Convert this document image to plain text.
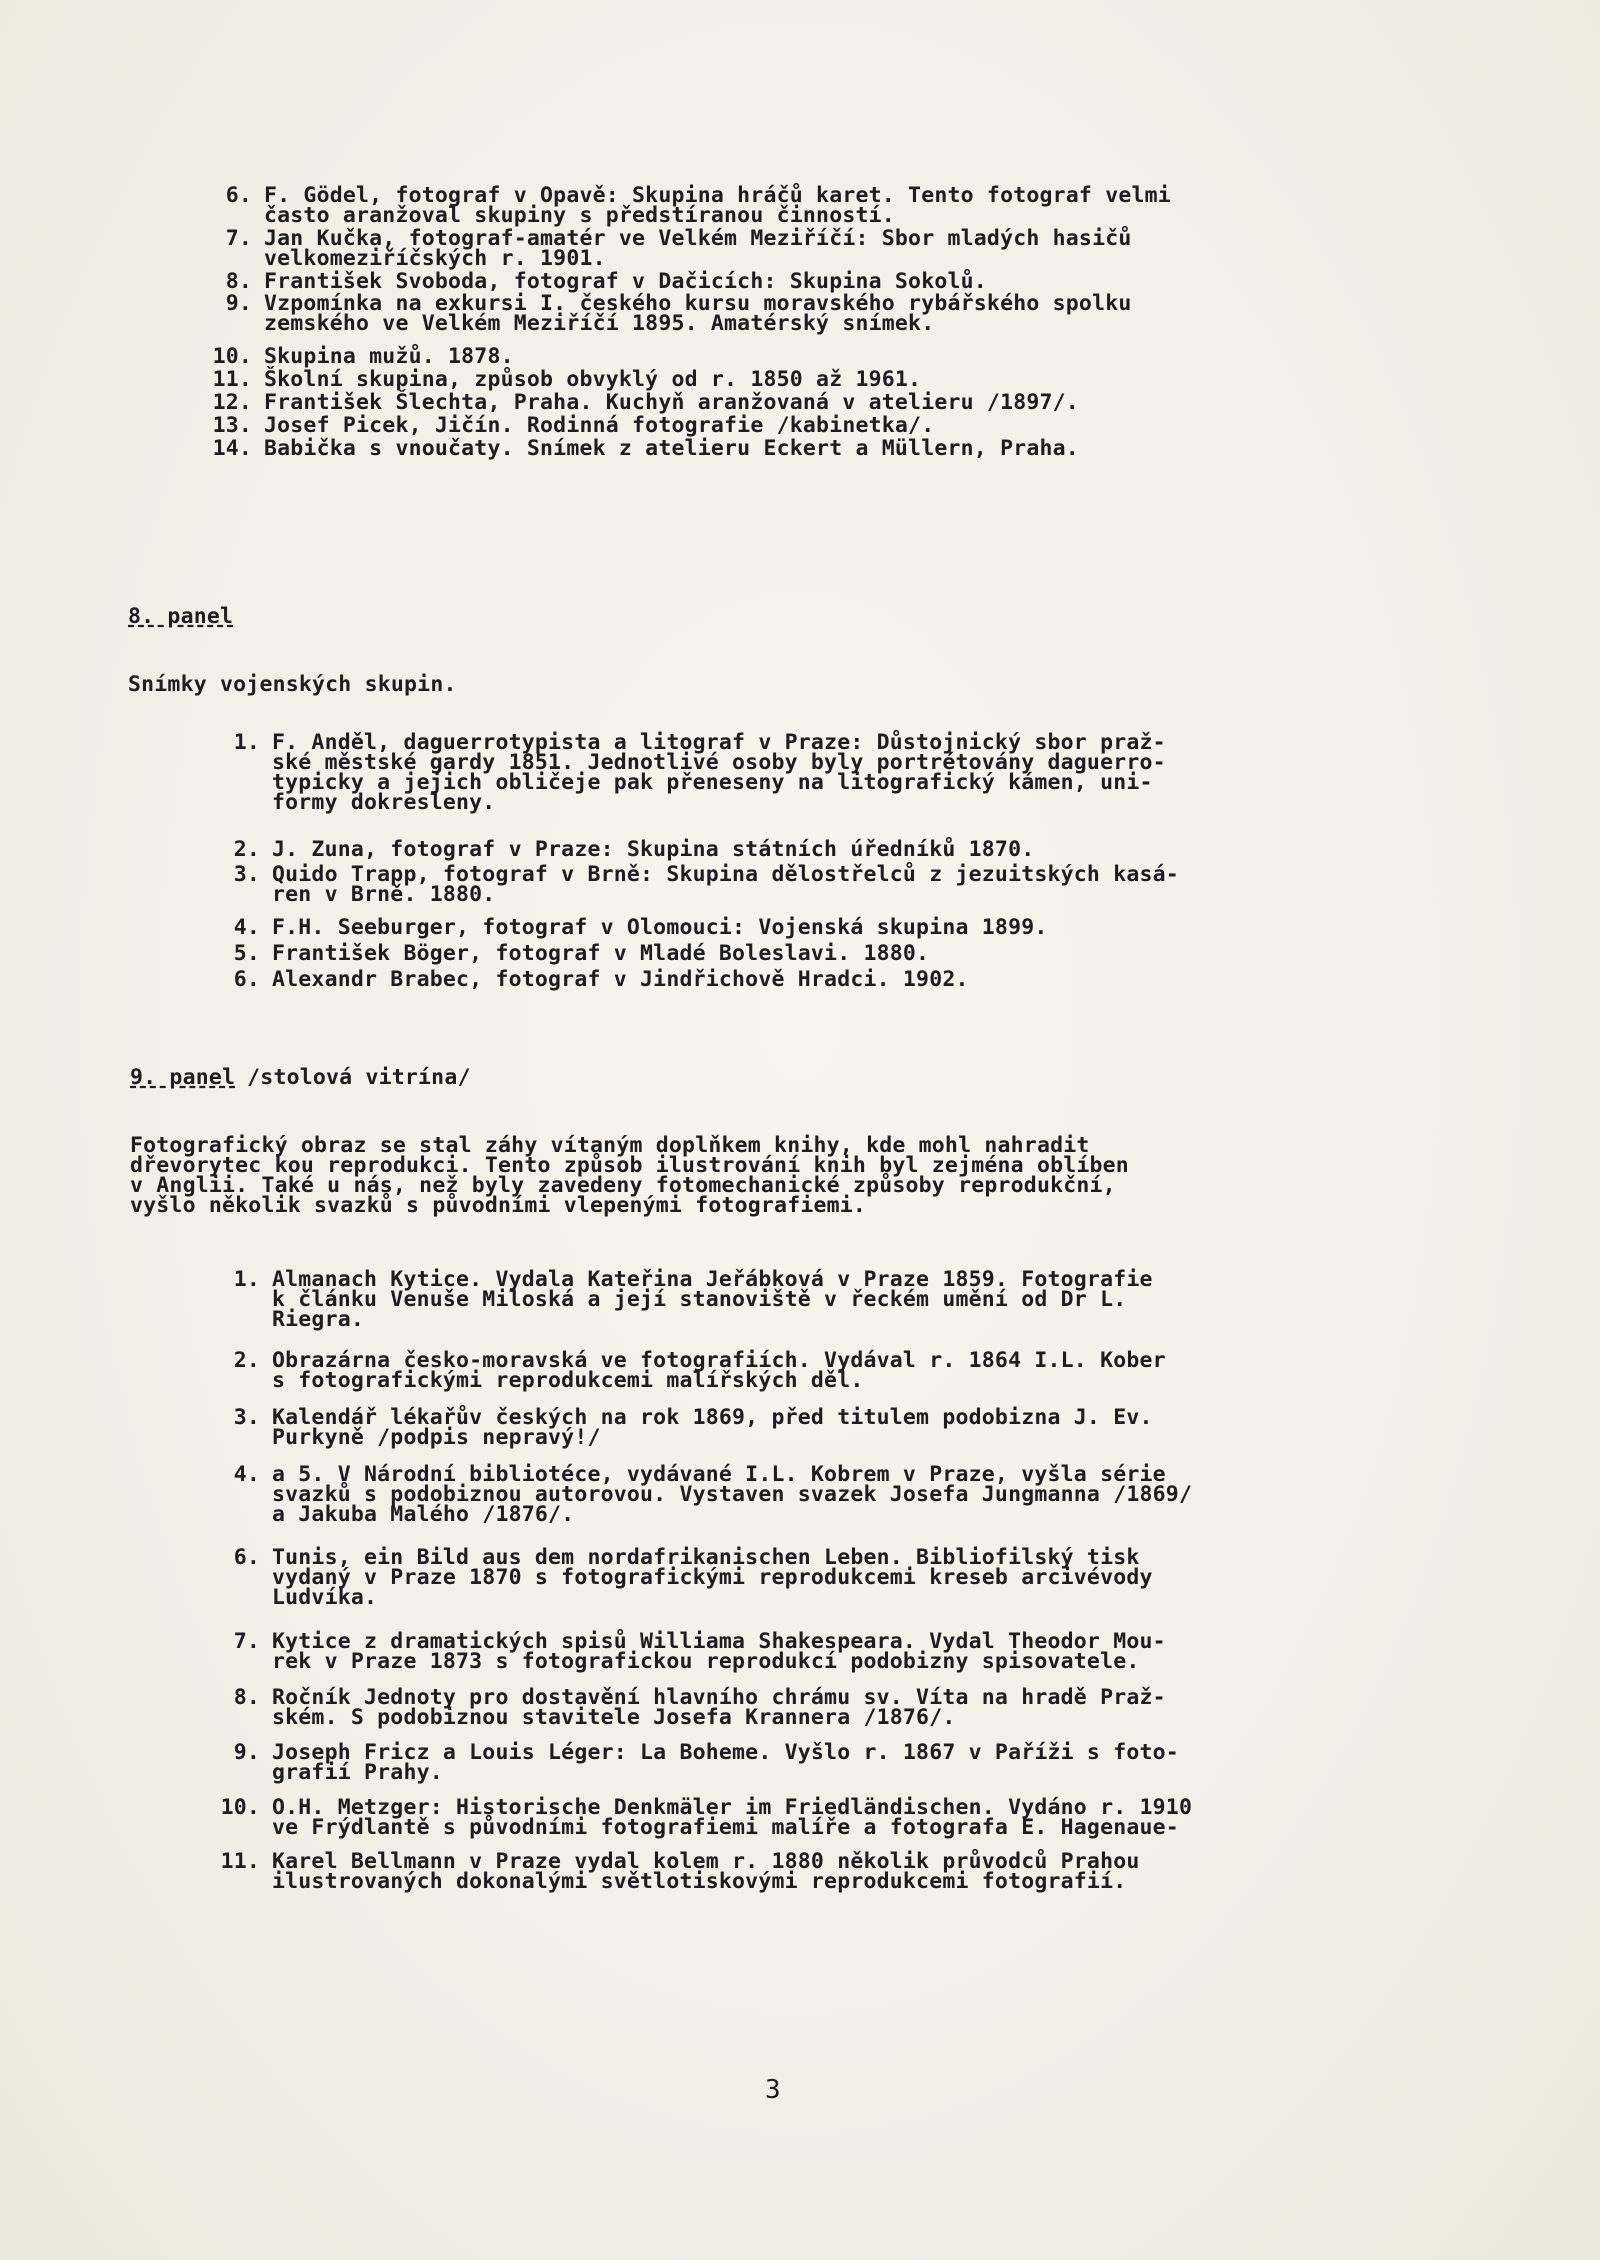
6. F. Gödel, fotograf v Opavě: Skupina hráčů karet. Tento fotograf velmi
často aranžoval skupiny s předstíranou činností.
7. Jan Kučka, fotograf-amatér ve Velkém Meziříčí: Sbor mladých hasičů
velkomeziříčských r. 1901.
8. František Svoboda, fotograf v Dačicích: Skupina Sokolů.
9. Vzpomínka na exkursi I. českého kursu moravského rybářského spolku
zemského ve Velkém Meziříčí 1895. Amatérský snímek.
10. Skupina mužů. 1878.
11. Školní skupina, způsob obvyklý od r. 1850 až 1961.
12. František Šlechta, Praha. Kuchyň aranžovaná v atelieru /1897/.
13. Josef Picek, Jičín. Rodinná fotografie /kabinetka/.
14. Babička s vnoučaty. Snímek z atelieru Eckert a Müllern, Praha.
8. panel
Snímky vojenských skupin.
1. F. Anděl, daguerrotypista a litograf v Praze: Důstojnický sbor praž-
ské městské gardy 1851. Jednotlivé osoby byly portrétovány daguerro-
typicky a jejich obličeje pak přeneseny na litografický kámen, uni-
formy dokresleny.
2. J. Zuna, fotograf v Praze: Skupina státních úředníků 1870.
3. Quido Trapp, fotograf v Brně: Skupina dělostřelců z jezuitských kasá-
ren v Brně. 1880.
4. F.H. Seeburger, fotograf v Olomouci: Vojenská skupina 1899.
5. František Böger, fotograf v Mladé Boleslavi. 1880.
6. Alexandr Brabec, fotograf v Jindřichově Hradci. 1902.
9. panel /stolová vitrína/
Fotografický obraz se stal záhy vítaným doplňkem knihy, kde mohl nahradit
dřevorytec kou reprodukci. Tento způsob ilustrování knih byl zejména oblíben
v Anglii. Také u nás, než byly zavedeny fotomechanické způsoby reprodukční,
vyšlo několik svazků s původními vlepenými fotografiemi.
1. Almanach Kytice. Vydala Kateřina Jeřábková v Praze 1859. Fotografie
k článku Venuše Miloská a její stanoviště v řeckém umění od Dr L.
Riegra.
2. Obrazárna česko-moravská ve fotografiích. Vydával r. 1864 I.L. Kober
s fotografickými reprodukcemi malířských děl.
3. Kalendář lékařův českých na rok 1869, před titulem podobizna J. Ev.
Purkyně /podpis nepravý!/
4. a 5. V Národní bibliotéce, vydávané I.L. Kobrem v Praze, vyšla série
svazků s podobiznou autorovou. Vystaven svazek Josefa Jungmanna /1869/
a Jakuba Malého /1876/.
6. Tunis, ein Bild aus dem nordafrikanischen Leben. Bibliofilský tisk
vydaný v Praze 1870 s fotografickými reprodukcemi kreseb arcivévody
Ludvíka.
7. Kytice z dramatických spisů Williama Shakespeara. Vydal Theodor Mou-
rek v Praze 1873 s fotografickou reprodukcí podobizny spisovatele.
8. Ročník Jednoty pro dostavění hlavního chrámu sv. Víta na hradě Praž-
ském. S podobiznou stavitele Josefa Krannera /1876/.
9. Joseph Fricz a Louis Léger: La Boheme. Vyšlo r. 1867 v Paříži s foto-
grafií Prahy.
10. O.H. Metzger: Historische Denkmäler im Friedländischen. Vydáno r. 1910
ve Frýdlantě s původními fotografiemi malíře a fotografa E. Hagenaue-
11. Karel Bellmann v Praze vydal kolem r. 1880 několik průvodců Prahou
ilustrovaných dokonalými světlotiskovými reprodukcemi fotografií.
3
